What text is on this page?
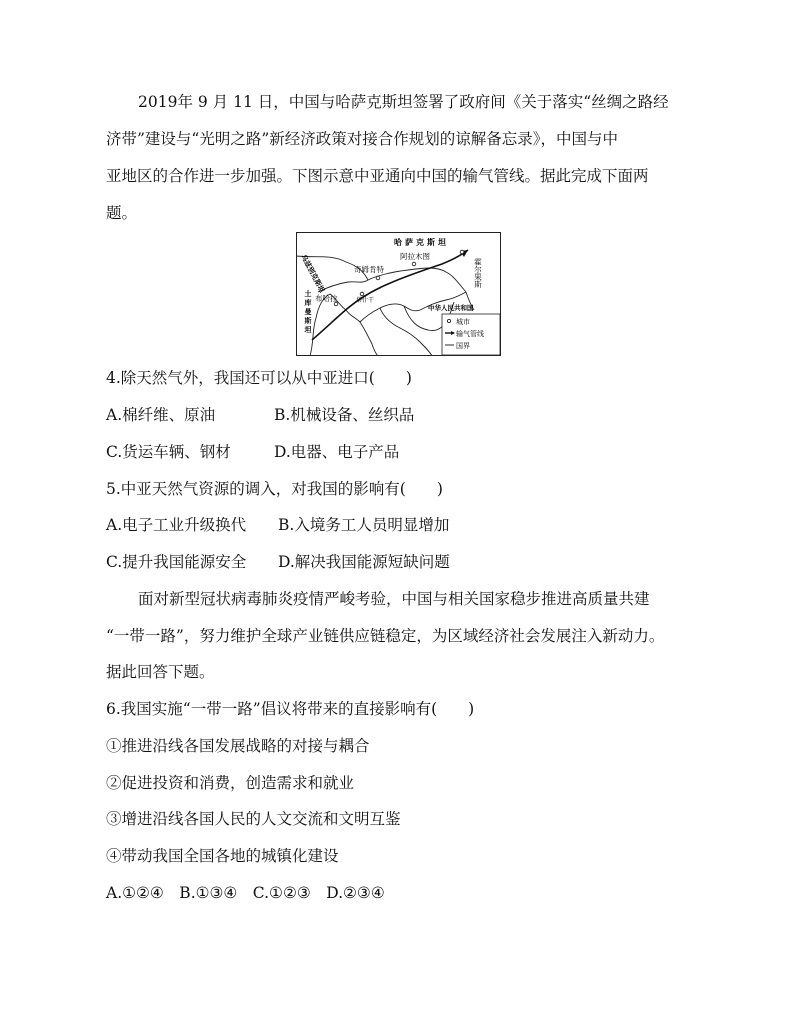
2019年 9 月 11 日，中国与哈萨克斯坦签署了政府间《关于落实“丝绸之路经
济带”建设与“光明之路”新经济政策对接合作规划的谅解备忘录》，中国与中
亚地区的合作进一步加强。下图示意中亚通向中国的输气管线。据此完成下面两
题。
哈萨克斯坦
乌兹别克斯坦
土库曼斯坦
奇姆肯特
阿拉木图
霍尔果斯
布哈拉	塔什干
中华人民共和国
城市
输气管线
国界
4.除天然气外，我国还可以从中亚进口(　　)
A.棉纤维、原油	B.机械设备、丝织品
C.货运车辆、钢材	D.电器、电子产品
5.中亚天然气资源的调入，对我国的影响有(　　)
A.电子工业升级换代 B.入境务工人员明显增加
C.提升我国能源安全 D.解决我国能源短缺问题
面对新型冠状病毒肺炎疫情严峻考验，中国与相关国家稳步推进高质量共建
“一带一路”，努力维护全球产业链供应链稳定，为区域经济社会发展注入新动力。
据此回答下题。
6.我国实施“一带一路”倡议将带来的直接影响有(　　)
①推进沿线各国发展战略的对接与耦合
②促进投资和消费，创造需求和就业
③增进沿线各国人民的人文交流和文明互鉴
④带动我国全国各地的城镇化建设
A.①②④　B.①③④　C.①②③　D.②③④
